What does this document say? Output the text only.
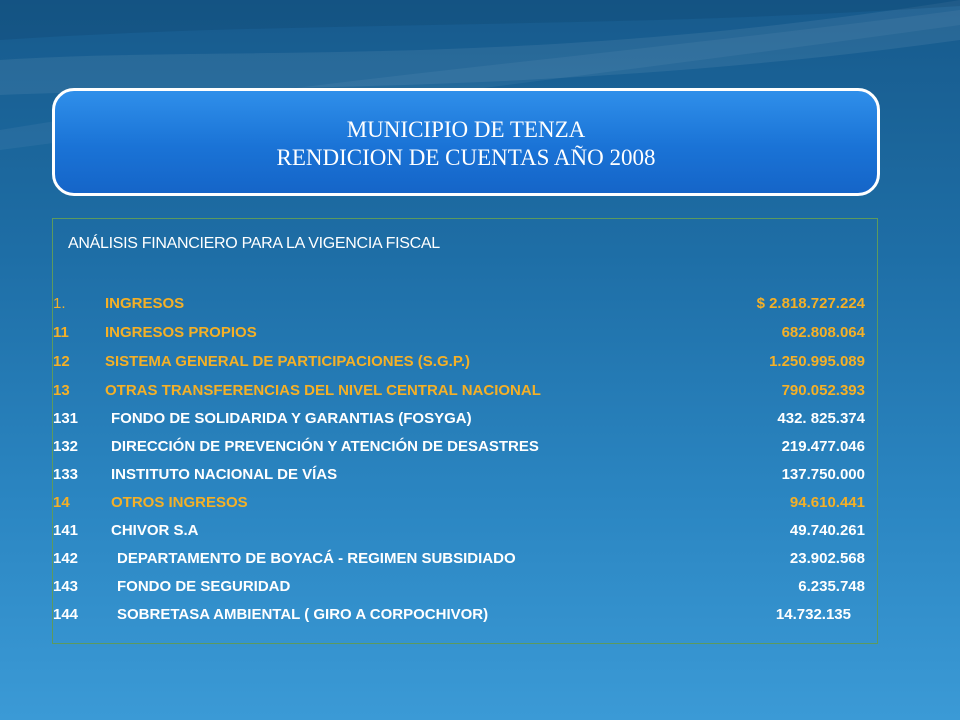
MUNICIPIO DE TENZA
RENDICION DE CUENTAS AÑO 2008
ANÁLISIS FINANCIERO PARA LA VIGENCIA FISCAL
1.	INGRESOS	$ 2.818.727.224
11 INGRESOS PROPIOS	682.808.064
12 SISTEMA GENERAL DE PARTICIPACIONES (S.G.P.)	1.250.995.089
13 OTRAS TRANSFERENCIAS DEL NIVEL CENTRAL NACIONAL	790.052.393
131 FONDO DE SOLIDARIDA Y GARANTIAS (FOSYGA)	432. 825.374
132 DIRECCIÓN DE PREVENCIÓN Y ATENCIÓN DE DESASTRES	219.477.046
133 INSTITUTO NACIONAL DE VÍAS	137.750.000
14	OTROS INGRESOS	94.610.441
141 CHIVOR S.A	49.740.261
142	DEPARTAMENTO DE BOYACÁ - REGIMEN SUBSIDIADO	23.902.568
143	FONDO DE SEGURIDAD	6.235.748
144	SOBRETASA AMBIENTAL ( GIRO A CORPOCHIVOR)	14.732.135
